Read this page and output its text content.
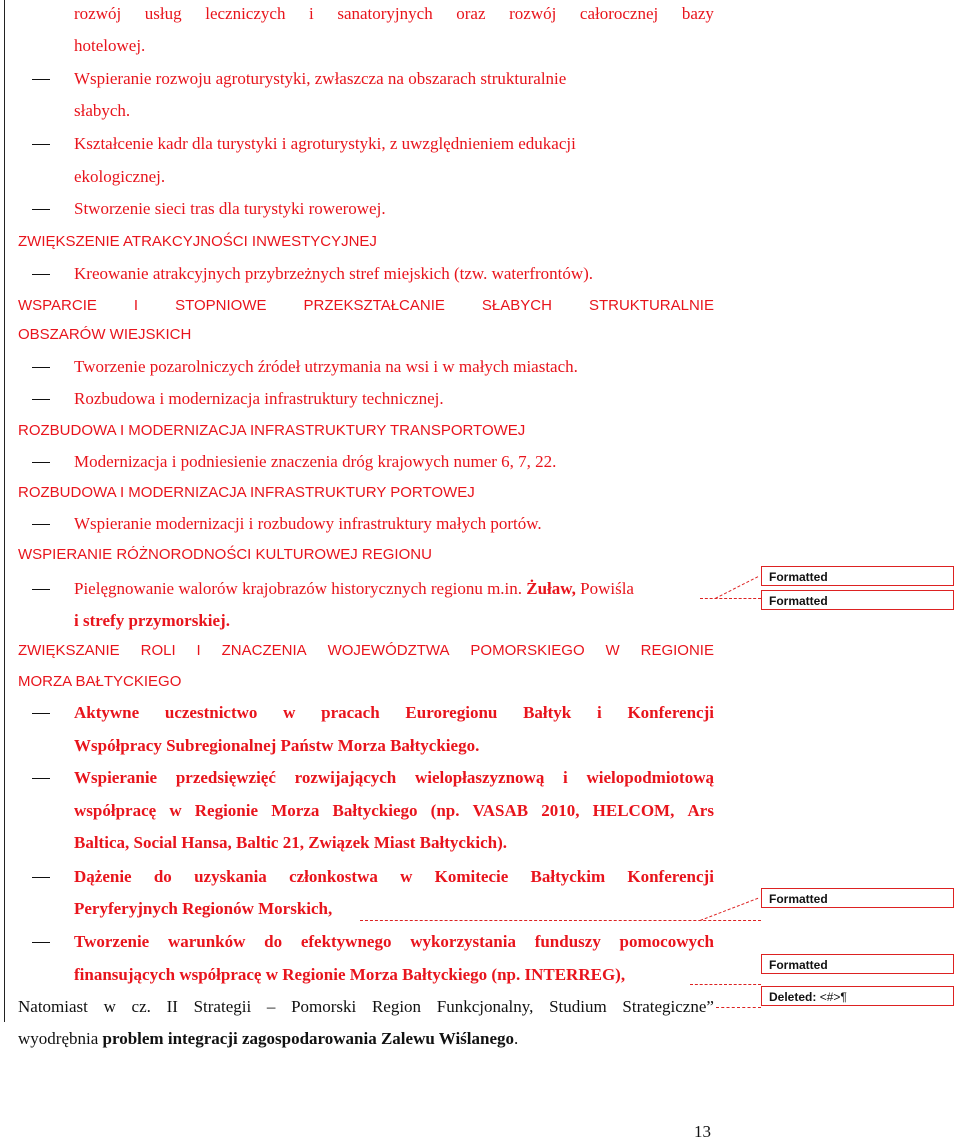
rozwój usług leczniczych i sanatoryjnych oraz rozwój całorocznej bazy
hotelowej.
Wspieranie rozwoju agroturystyki, zwłaszcza na obszarach strukturalnie
słabych.
Kształcenie kadr dla turystyki i agroturystyki, z uwzględnieniem edukacji
ekologicznej.
Stworzenie sieci tras dla turystyki rowerowej.
ZWIĘKSZENIE ATRAKCYJNOŚCI INWESTYCYJNEJ
Kreowanie atrakcyjnych przybrzeżnych stref miejskich (tzw. waterfrontów).
WSPARCIE I STOPNIOWE PRZEKSZTAŁCANIE SŁABYCH STRUKTURALNIE
OBSZARÓW WIEJSKICH
Tworzenie pozarolniczych źródeł utrzymania na wsi i w małych miastach.
Rozbudowa i modernizacja infrastruktury technicznej.
ROZBUDOWA I MODERNIZACJA INFRASTRUKTURY TRANSPORTOWEJ
Modernizacja i podniesienie znaczenia dróg krajowych numer 6, 7, 22.
ROZBUDOWA I MODERNIZACJA INFRASTRUKTURY PORTOWEJ
Wspieranie modernizacji i rozbudowy infrastruktury małych portów.
WSPIERANIE RÓŻNORODNOŚCI KULTUROWEJ REGIONU
Pielęgnowanie walorów krajobrazów historycznych regionu m.in. Żuław, Powiśla
i strefy przymorskiej.
ZWIĘKSZANIE ROLI I ZNACZENIA WOJEWÓDZTWA POMORSKIEGO W REGIONIE
MORZA BAŁTYCKIEGO
Aktywne uczestnictwo w pracach Euroregionu Bałtyk i Konferencji
Współpracy Subregionalnej Państw Morza Bałtyckiego.
Wspieranie przedsięwzięć rozwijających wielopłaszyznową i wielopodmiotową
współpracę w Regionie Morza Bałtyckiego (np. VASAB 2010, HELCOM, Ars
Baltica, Social Hansa, Baltic 21, Związek Miast Bałtyckich).
Dążenie do uzyskania członkostwa w Komitecie Bałtyckim Konferencji
Peryferyjnych Regionów Morskich,
Tworzenie warunków do efektywnego wykorzystania funduszy pomocowych
finansujących współpracę w Regionie Morza Bałtyckiego (np. INTERREG),
Natomiast w cz. II Strategii – Pomorski Region Funkcjonalny, Studium Strategiczne”
wyodrębnia problem integracji zagospodarowania Zalewu Wiślanego.
Formatted
Formatted
Formatted
Formatted
Deleted: <#>¶
13
